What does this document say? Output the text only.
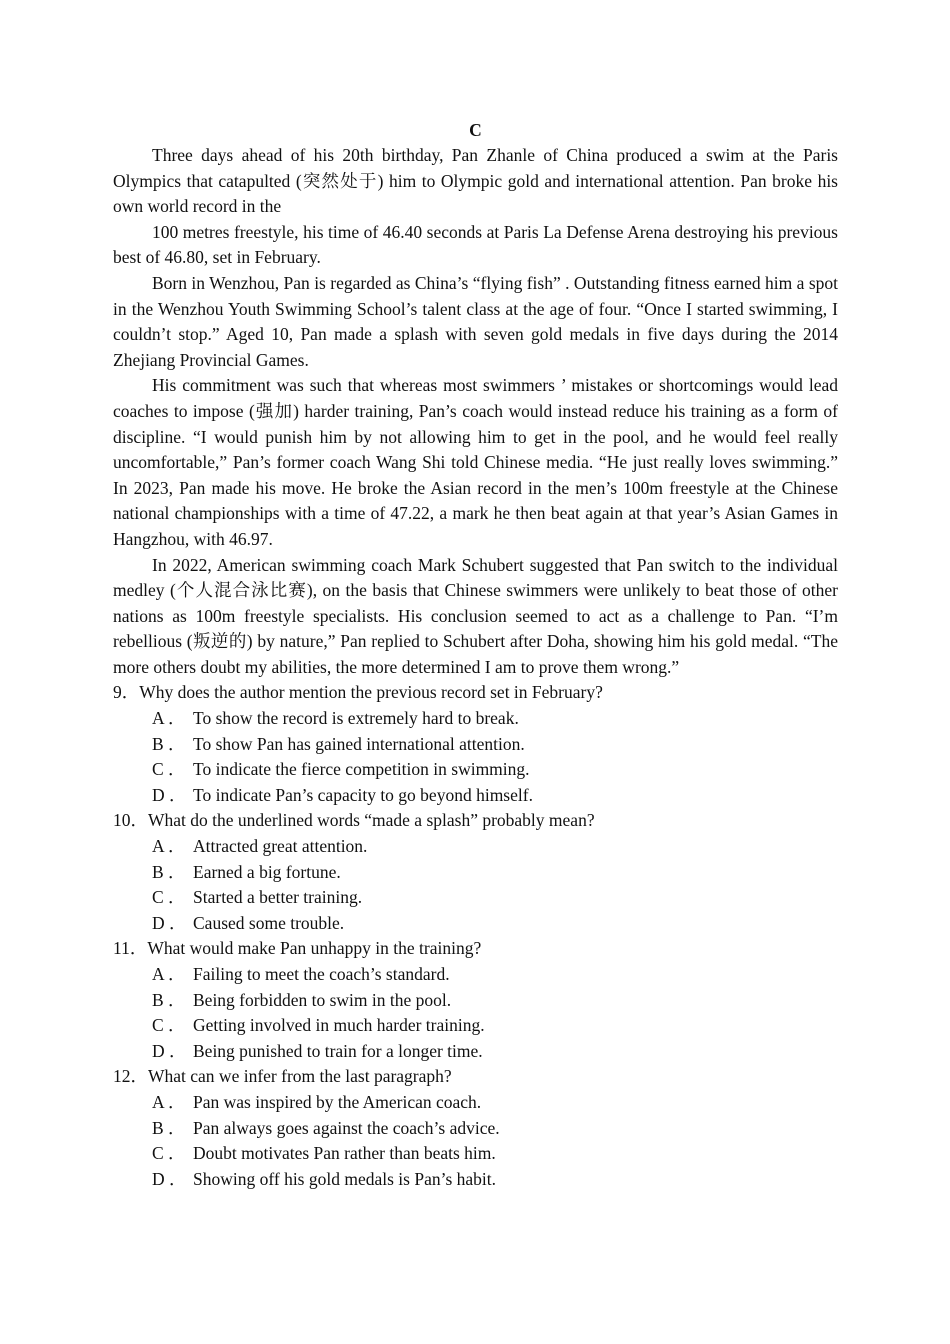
C

Three days ahead of his 20th birthday, Pan Zhanle of China produced a swim at the Paris Olympics that catapulted (突然处于) him to Olympic gold and international attention. Pan broke his own world record in the

100 metres freestyle, his time of 46.40 seconds at Paris La Defense Arena destroying his previous best of 46.80, set in February.

Born in Wenzhou, Pan is regarded as China’s “flying fish” . Outstanding fitness earned him a spot in the Wenzhou Youth Swimming School’s talent class at the age of four. “Once I started swimming, I couldn’t stop.” Aged 10, Pan made a splash with seven gold medals in five days during the 2014 Zhejiang Provincial Games.

His commitment was such that whereas most swimmers ’ mistakes or shortcomings would lead coaches to impose (强加) harder training, Pan’s coach would instead reduce his training as a form of discipline. “I would punish him by not allowing him to get in the pool, and he would feel really uncomfortable,” Pan’s former coach Wang Shi told Chinese media. “He just really loves swimming.” In 2023, Pan made his move. He broke the Asian record in the men’s 100m freestyle at the Chinese national championships with a time of 47.22, a mark he then beat again at that year’s Asian Games in Hangzhou, with 46.97.

In 2022, American swimming coach Mark Schubert suggested that Pan switch to the individual medley (个人混合泳比赛), on the basis that Chinese swimmers were unlikely to beat those of other nations as 100m freestyle specialists. His conclusion seemed to act as a challenge to Pan. “I’m rebellious (叛逆的) by nature,” Pan replied to Schubert after Doha, showing him his gold medal. “The more others doubt my abilities, the more determined I am to prove them wrong.”

9．Why does the author mention the previous record set in February?
A ． To show the record is extremely hard to break.
B ． To show Pan has gained international attention.
C ． To indicate the fierce competition in swimming.
D ． To indicate Pan’s capacity to go beyond himself.
10．What do the underlined words “made a splash” probably mean?
A ． Attracted great attention.
B ． Earned a big fortune.
C ． Started a better training.
D ． Caused some trouble.
11．What would make Pan unhappy in the training?
A ． Failing to meet the coach’s standard.
B ． Being forbidden to swim in the pool.
C ． Getting involved in much harder training.
D ． Being punished to train for a longer time.
12．What can we infer from the last paragraph?
A ． Pan was inspired by the American coach.
B ． Pan always goes against the coach’s advice.
C ． Doubt motivates Pan rather than beats him.
D ． Showing off his gold medals is Pan’s habit.
